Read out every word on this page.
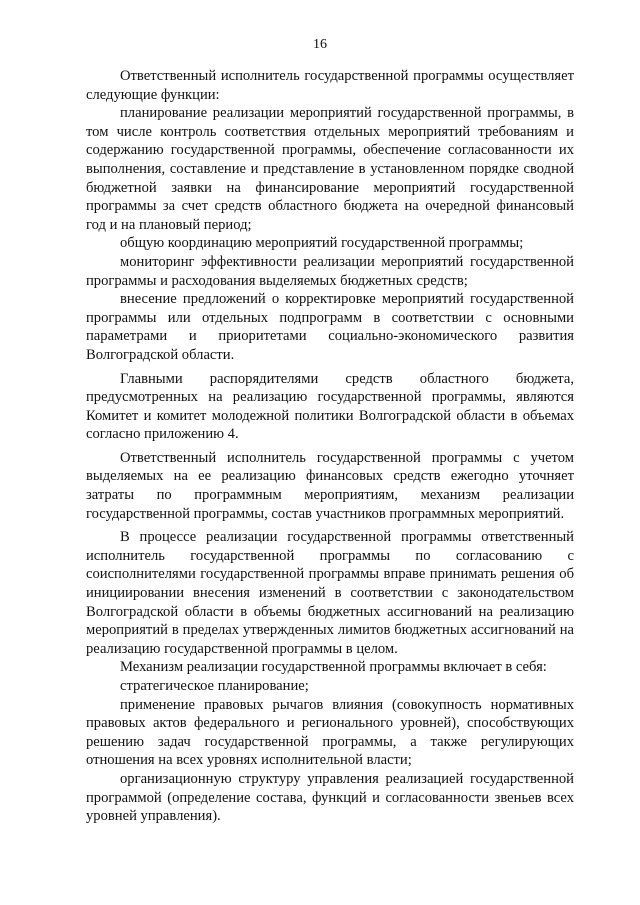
16

Ответственный исполнитель государственной программы осуществляет следующие функции:

планирование реализации мероприятий государственной программы, в том числе контроль соответствия отдельных мероприятий требованиям и содержанию государственной программы, обеспечение согласованности их выполнения, составление и представление в установленном порядке сводной бюджетной заявки на финансирование мероприятий государственной программы за счет средств областного бюджета на очередной финансовый год и на плановый период;

общую координацию мероприятий государственной программы;

мониторинг эффективности реализации мероприятий государственной программы и расходования выделяемых бюджетных средств;

внесение предложений о корректировке мероприятий государственной программы или отдельных подпрограмм в соответствии с основными параметрами и приоритетами социально-экономического развития Волгоградской области.

Главными распорядителями средств областного бюджета, предусмотренных на реализацию государственной программы, являются Комитет и комитет молодежной политики Волгоградской области в объемах согласно приложению 4.

Ответственный исполнитель государственной программы с учетом выделяемых на ее реализацию финансовых средств ежегодно уточняет затраты по программным мероприятиям, механизм реализации государственной программы, состав участников программных мероприятий.

В процессе реализации государственной программы ответственный исполнитель государственной программы по согласованию с соисполнителями государственной программы вправе принимать решения об инициировании внесения изменений в соответствии с законодательством Волгоградской области в объемы бюджетных ассигнований на реализацию мероприятий в пределах утвержденных лимитов бюджетных ассигнований на реализацию государственной программы в целом.

Механизм реализации государственной программы включает в себя:

стратегическое планирование;

применение правовых рычагов влияния (совокупность нормативных правовых актов федерального и регионального уровней), способствующих решению задач государственной программы, а также регулирующих отношения на всех уровнях исполнительной власти;

организационную структуру управления реализацией государственной программой (определение состава, функций и согласованности звеньев всех уровней управления).
